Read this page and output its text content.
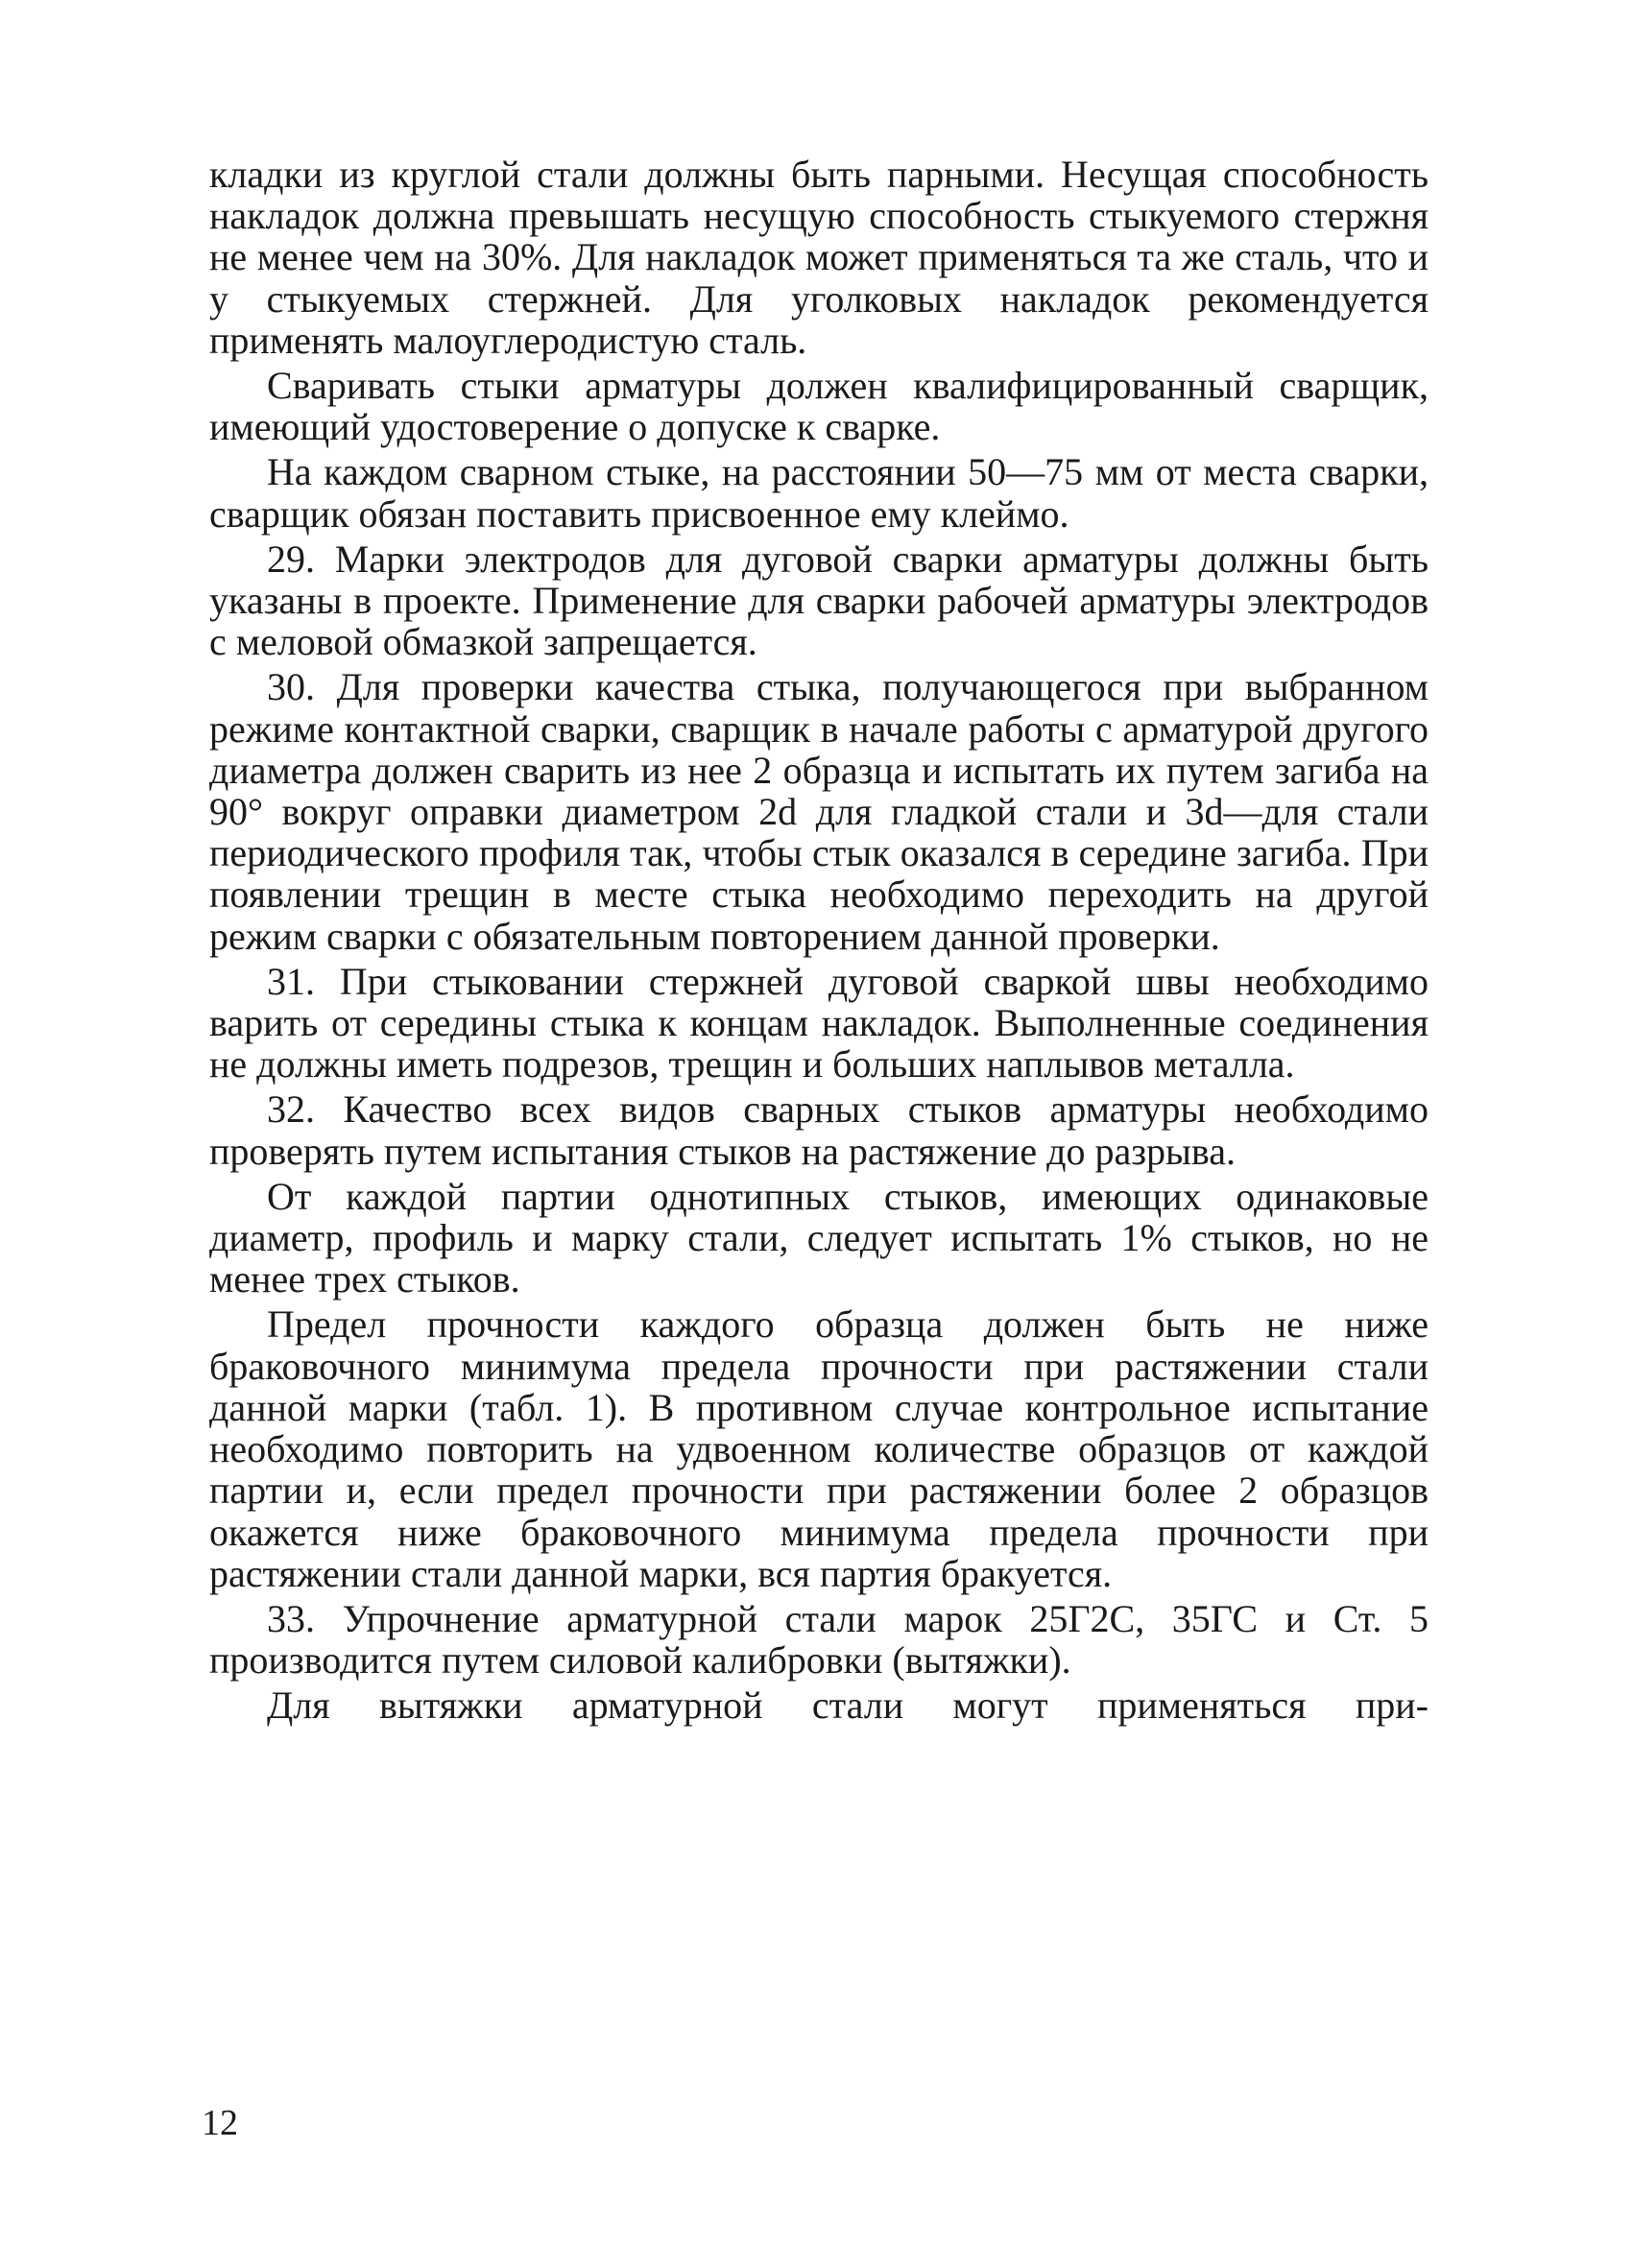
кладки из круглой стали должны быть парными. Несущая способность накладок должна превышать несущую способность стыкуемого стержня не менее чем на 30%. Для накладок может применяться та же сталь, что и у стыкуемых стержней. Для уголковых накладок рекомендуется применять малоуглеродистую сталь.

Сваривать стыки арматуры должен квалифицированный сварщик, имеющий удостоверение о допуске к сварке.

На каждом сварном стыке, на расстоянии 50—75 мм от места сварки, сварщик обязан поставить присвоенное ему клеймо.

29. Марки электродов для дуговой сварки арматуры должны быть указаны в проекте. Применение для сварки рабочей арматуры электродов с меловой обмазкой запрещается.

30. Для проверки качества стыка, получающегося при выбранном режиме контактной сварки, сварщик в начале работы с арматурой другого диаметра должен сварить из нее 2 образца и испытать их путем загиба на 90° вокруг оправки диаметром 2d для гладкой стали и 3d—для стали периодического профиля так, чтобы стык оказался в середине загиба. При появлении трещин в месте стыка необходимо переходить на другой режим сварки с обязательным повторением данной проверки.

31. При стыковании стержней дуговой сваркой швы необходимо варить от середины стыка к концам накладок. Выполненные соединения не должны иметь подрезов, трещин и больших наплывов металла.

32. Качество всех видов сварных стыков арматуры необходимо проверять путем испытания стыков на растяжение до разрыва.

От каждой партии однотипных стыков, имеющих одинаковые диаметр, профиль и марку стали, следует испытать 1% стыков, но не менее трех стыков.

Предел прочности каждого образца должен быть не ниже браковочного минимума предела прочности при растяжении стали данной марки (табл. 1). В противном случае контрольное испытание необходимо повторить на удвоенном количестве образцов от каждой партии и, если предел прочности при растяжении более 2 образцов окажется ниже браковочного минимума предела прочности при растяжении стали данной марки, вся партия бракуется.

33. Упрочнение арматурной стали марок 25Г2С, 35ГС и Ст. 5 производится путем силовой калибровки (вытяжки).

Для вытяжки арматурной стали могут применяться при-

12
